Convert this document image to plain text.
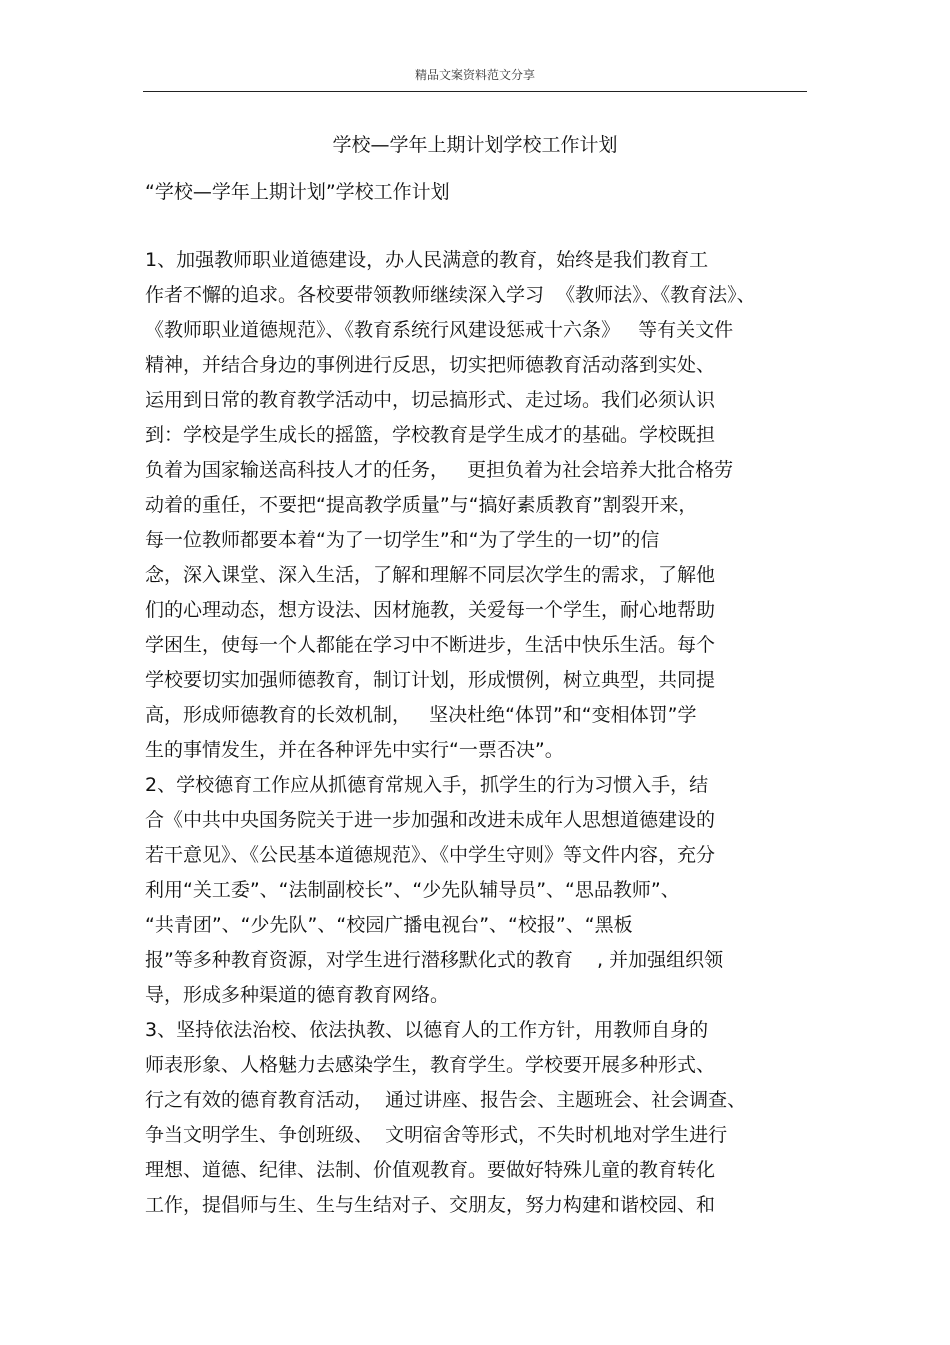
精品文案资料范文分享
学校—学年上期计划学校工作计划
“学校—学年上期计划”学校工作计划
1、加强教师职业道德建设，办人民满意的教育，始终是我们教育工
作者不懈的追求。各校要带领教师继续深入学习  《教师法》、《教育法》、
《教师职业道德规范》、《教育系统行风建设惩戒十六条》   等有关文件
精神，并结合身边的事例进行反思，切实把师德教育活动落到实处、
运用到日常的教育教学活动中，切忌搞形式、走过场。我们必须认识
到：学校是学生成长的摇篮，学校教育是学生成才的基础。学校既担
负着为国家输送高科技人才的任务，   更担负着为社会培养大批合格劳
动着的重任，不要把“提高教学质量”与“搞好素质教育”割裂开来，
每一位教师都要本着“为了一切学生”和“为了学生的一切”的信
念，深入课堂、深入生活，了解和理解不同层次学生的需求，了解他
们的心理动态，想方设法、因材施教，关爱每一个学生，耐心地帮助
学困生，使每一个人都能在学习中不断进步，生活中快乐生活。每个
学校要切实加强师德教育，制订计划，形成惯例，树立典型，共同提
高，形成师德教育的长效机制，   坚决杜绝“体罚”和“变相体罚”学
生的事情发生，并在各种评先中实行“一票否决”。
2、学校德育工作应从抓德育常规入手，抓学生的行为习惯入手，结
合《中共中央国务院关于进一步加强和改进未成年人思想道德建设的
若干意见》、《公民基本道德规范》、《中学生守则》等文件内容，充分
利用“关工委”、“法制副校长”、“少先队辅导员”、“思品教师”、
“共青团”、“少先队”、“校园广播电视台”、“校报”、“黑板
报”等多种教育资源，对学生进行潜移默化式的教育    , 并加强组织领
导，形成多种渠道的德育教育网络。
3、坚持依法治校、依法执教、以德育人的工作方针，用教师自身的
师表形象、人格魅力去感染学生，教育学生。学校要开展多种形式、
行之有效的德育教育活动，  通过讲座、报告会、主题班会、社会调查、
争当文明学生、争创班级、  文明宿舍等形式，不失时机地对学生进行
理想、道德、纪律、法制、价值观教育。要做好特殊儿童的教育转化
工作，提倡师与生、生与生结对子、交朋友，努力构建和谐校园、和
